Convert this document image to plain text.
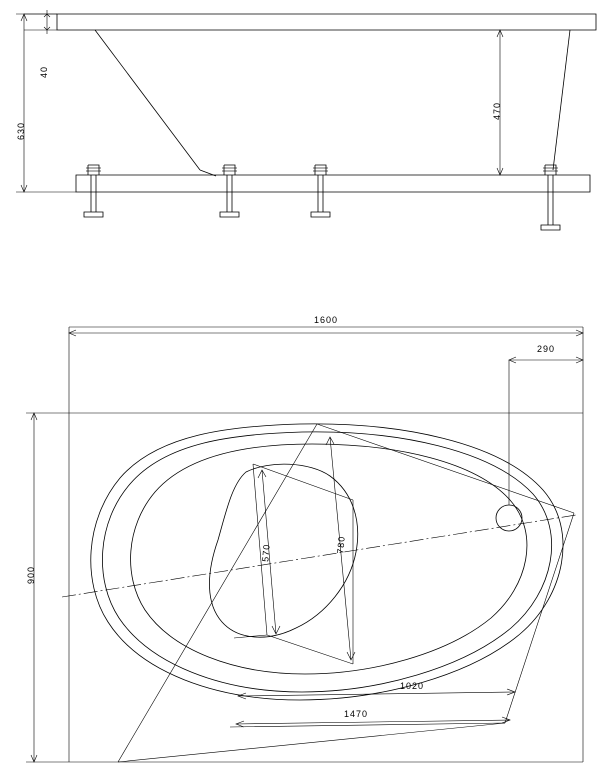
40
630
470
1600
290
900
570	780
1020
1470
